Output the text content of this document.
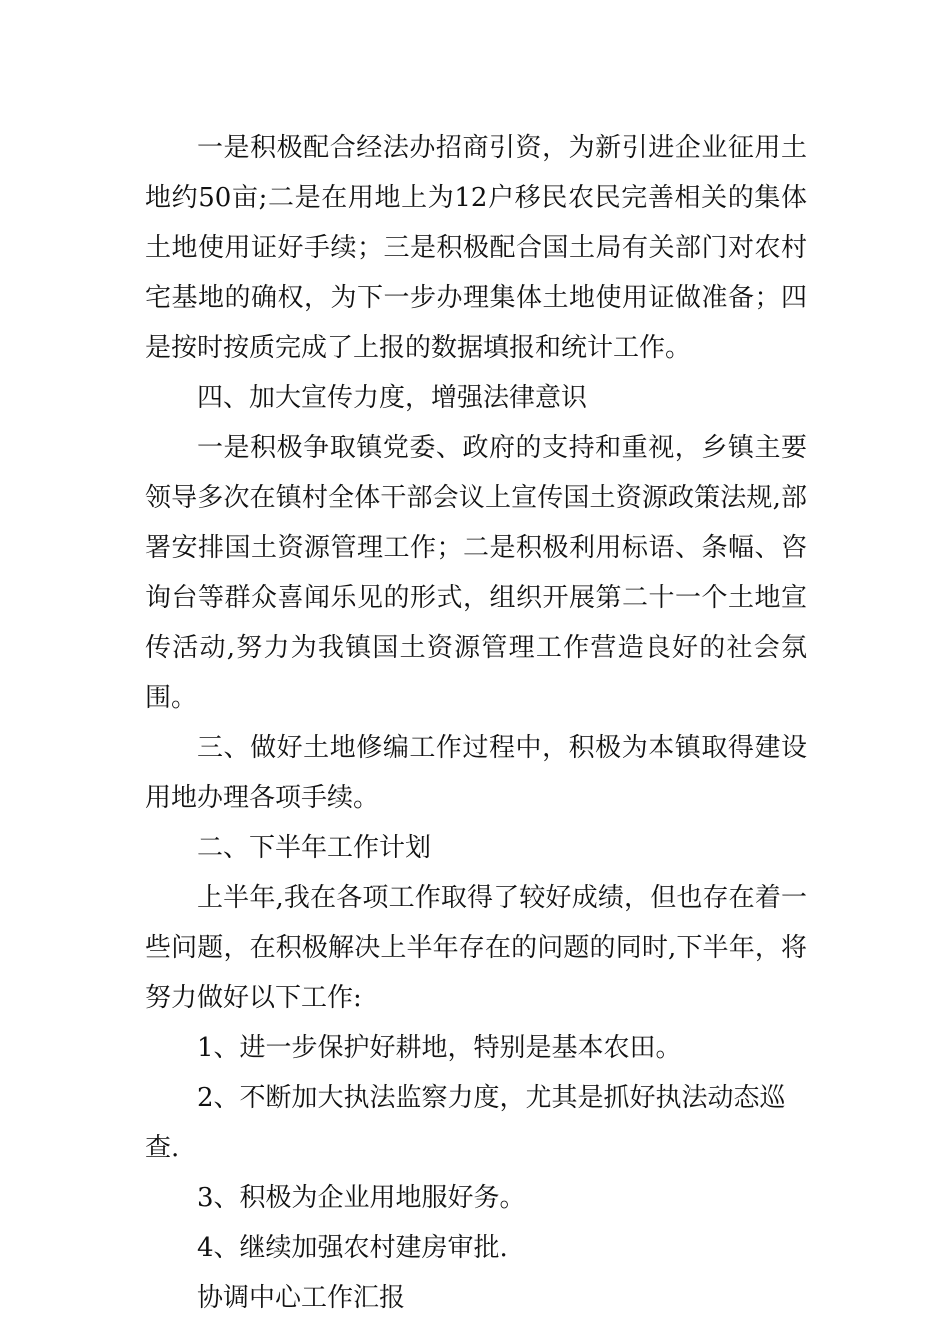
一是积极配合经法办招商引资，为新引进企业征用土地约50亩;二是在用地上为12户移民农民完善相关的集体土地使用证好手续；三是积极配合国土局有关部门对农村宅基地的确权，为下一步办理集体土地使用证做准备；四是按时按质完成了上报的数据填报和统计工作。

四、加大宣传力度，增强法律意识

一是积极争取镇党委、政府的支持和重视，乡镇主要领导多次在镇村全体干部会议上宣传国土资源政策法规,部署安排国土资源管理工作；二是积极利用标语、条幅、咨询台等群众喜闻乐见的形式，组织开展第二十一个土地宣传活动,努力为我镇国土资源管理工作营造良好的社会氛围。

三、做好土地修编工作过程中，积极为本镇取得建设用地办理各项手续。

二、下半年工作计划

上半年,我在各项工作取得了较好成绩，但也存在着一些问题，在积极解决上半年存在的问题的同时,下半年，将努力做好以下工作:

1、进一步保护好耕地，特别是基本农田。

2、不断加大执法监察力度，尤其是抓好执法动态巡查.

3、积极为企业用地服好务。

4、继续加强农村建房审批.

协调中心工作汇报
